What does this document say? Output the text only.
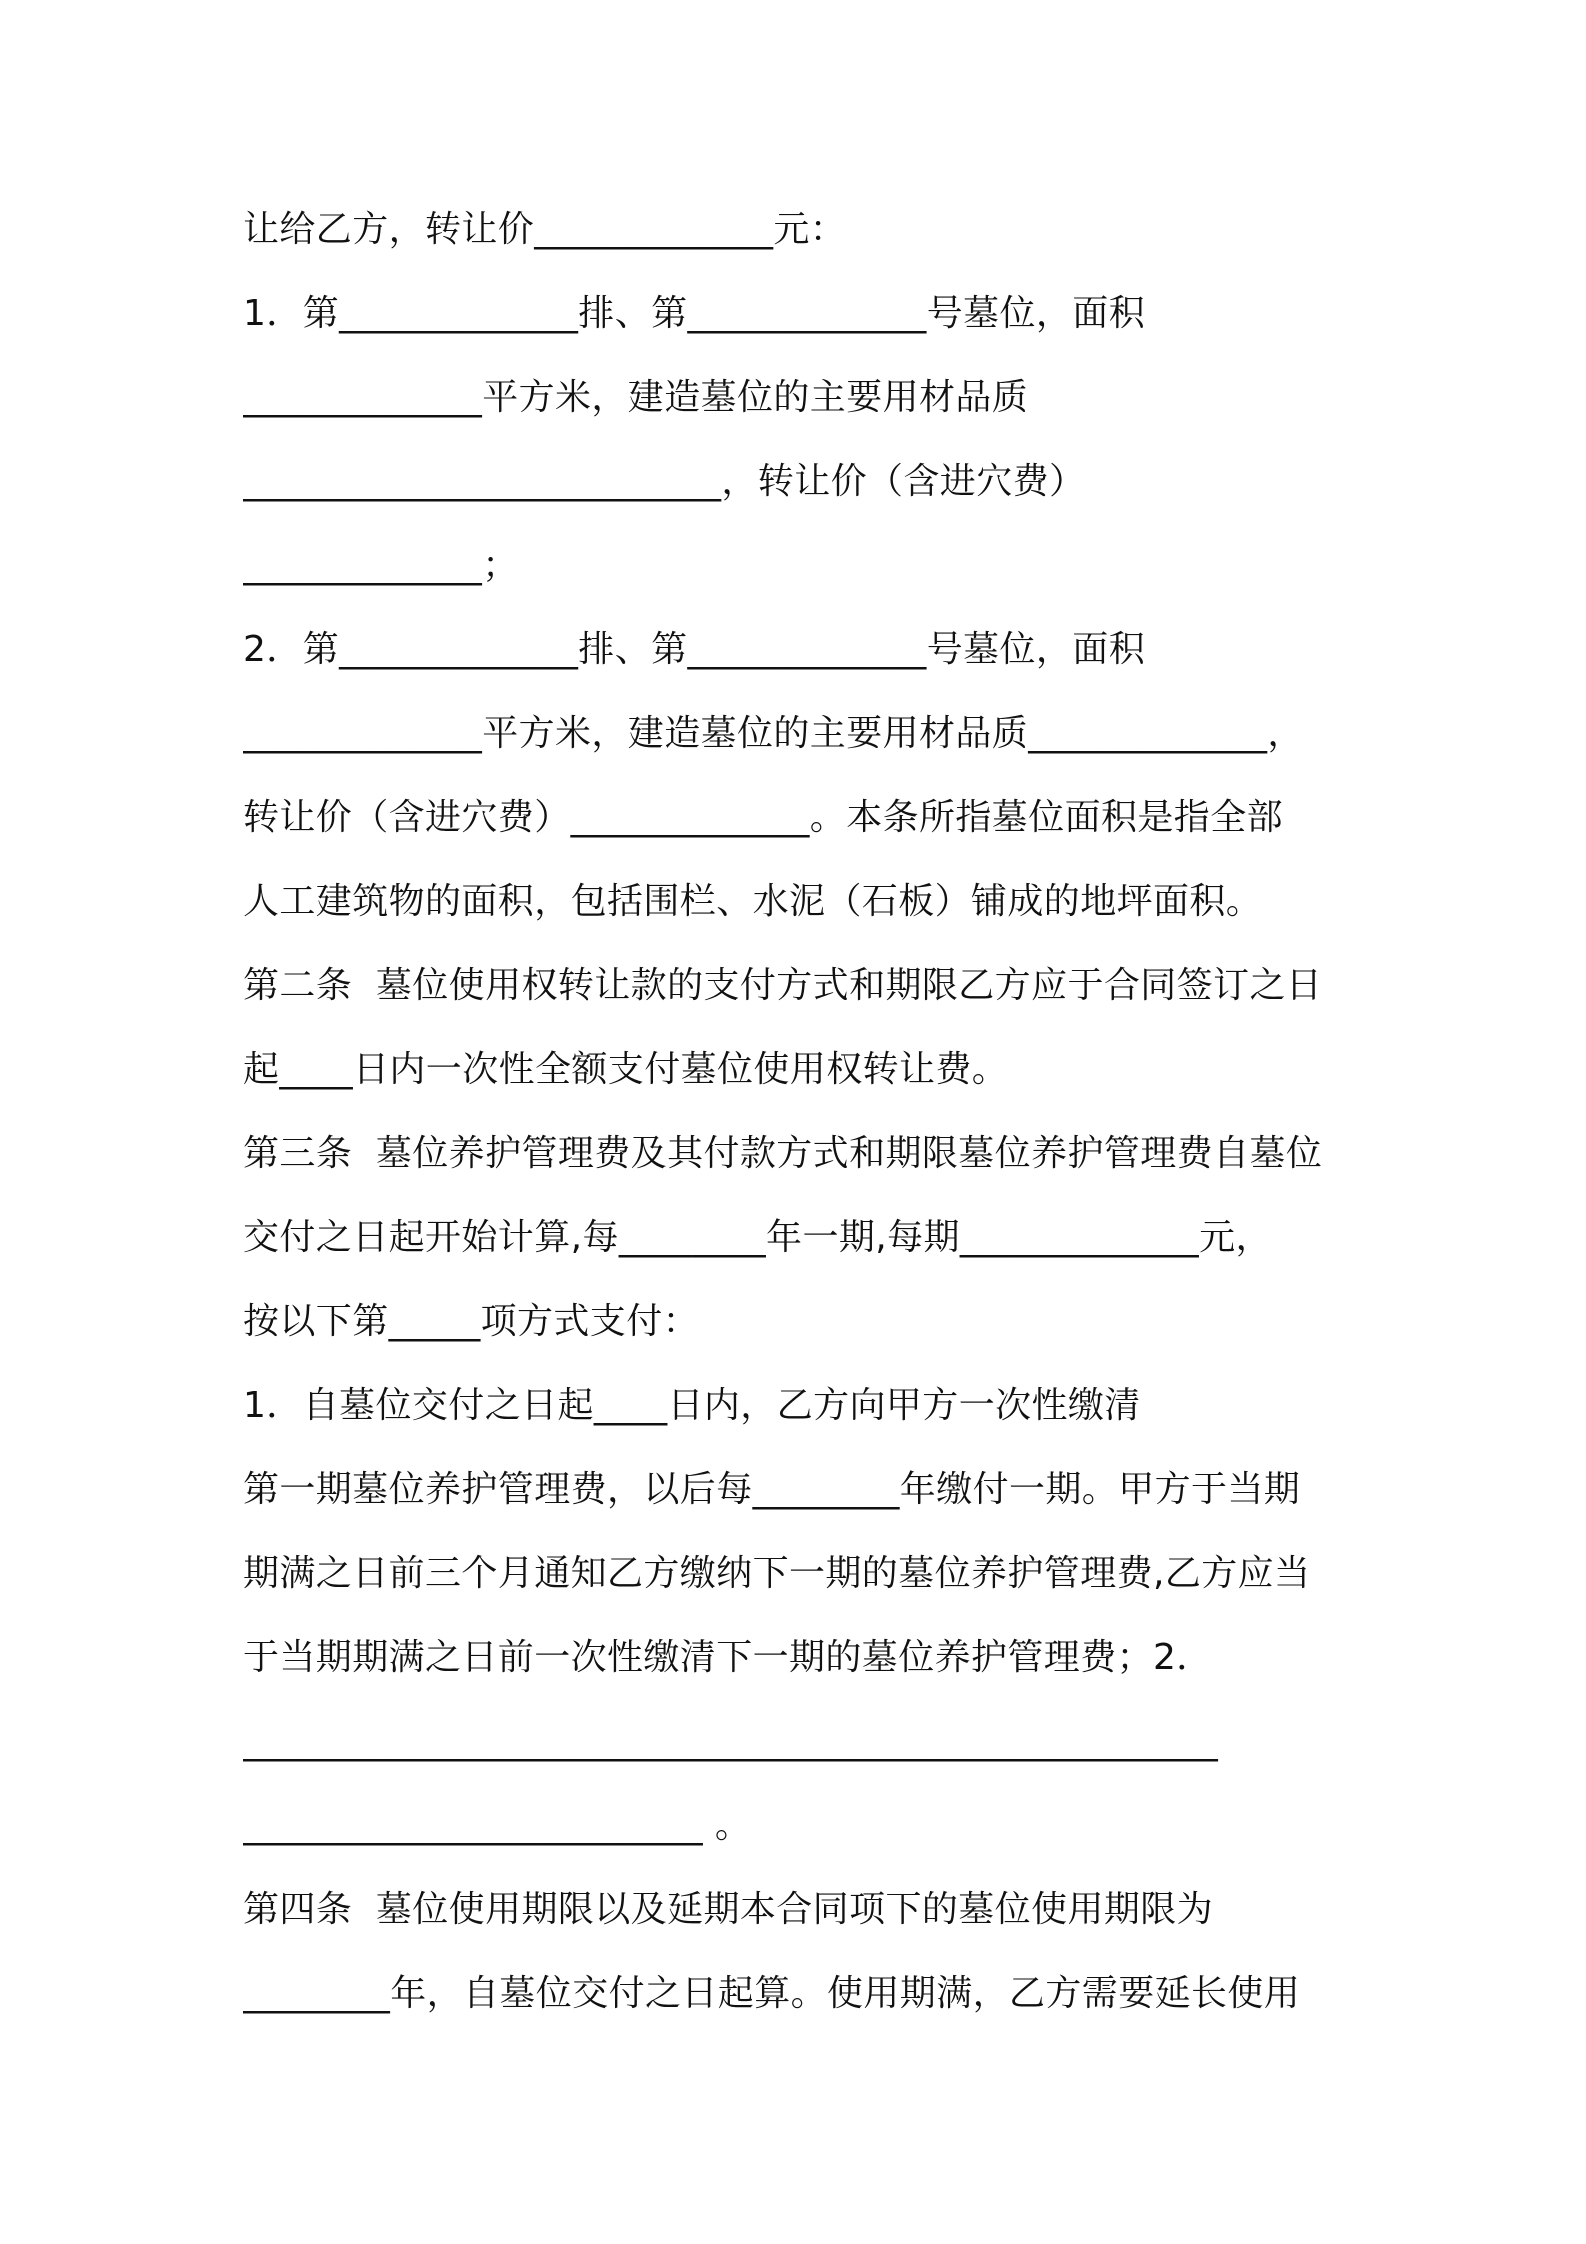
让给乙方，转让价_____________元：
1．第_____________排、第_____________号墓位，面积
_____________平方米，建造墓位的主要用材品质
__________________________，转让价（含进穴费）
_____________；
2．第_____________排、第_____________号墓位，面积
_____________平方米，建造墓位的主要用材品质_____________，
转让价（含进穴费）_____________。本条所指墓位面积是指全部
人工建筑物的面积，包括围栏、水泥（石板）铺成的地坪面积。
第二条  墓位使用权转让款的支付方式和期限乙方应于合同签订之日
起____日内一次性全额支付墓位使用权转让费。
第三条  墓位养护管理费及其付款方式和期限墓位养护管理费自墓位
交付之日起开始计算,每________年一期,每期_____________元，
按以下第_____项方式支付：
1．自墓位交付之日起____日内，乙方向甲方一次性缴清
第一期墓位养护管理费，以后每________年缴付一期。甲方于当期
期满之日前三个月通知乙方缴纳下一期的墓位养护管理费,乙方应当
于当期期满之日前一次性缴清下一期的墓位养护管理费；2．
_____________________________________________________
_________________________ 。
第四条  墓位使用期限以及延期本合同项下的墓位使用期限为
________年，自墓位交付之日起算。使用期满，乙方需要延长使用
